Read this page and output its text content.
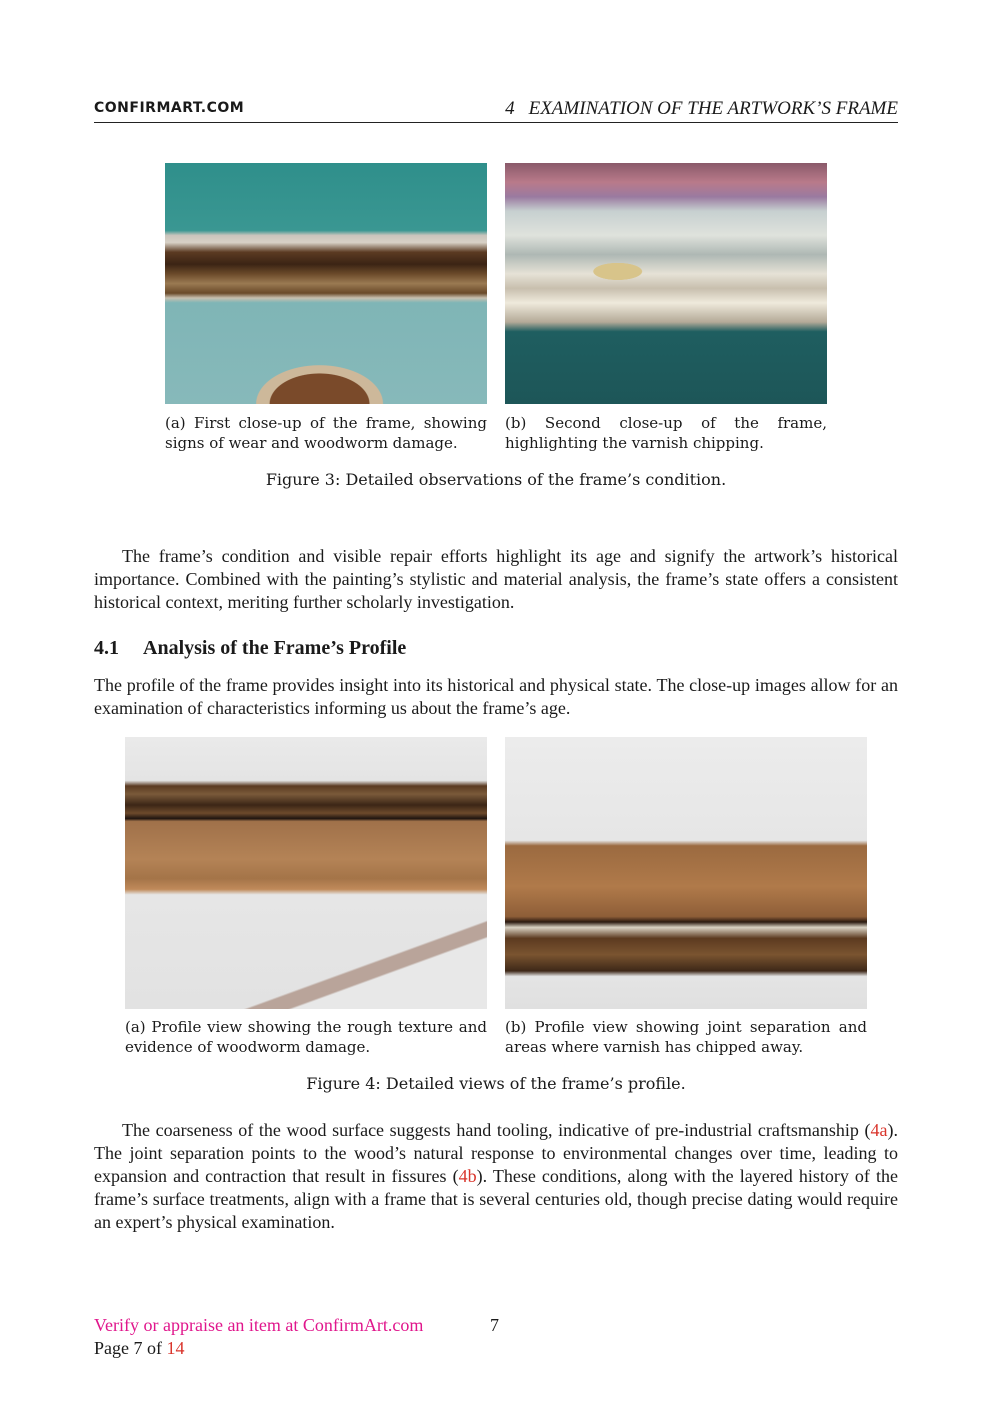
CONFIRMART.COM	4 EXAMINATION OF THE ARTWORK’S FRAME
(a) First close-up of the frame, showing signs of wear and woodworm damage.
(b) Second close-up of the frame, highlighting the varnish chipping.
Figure 3: Detailed observations of the frame’s condition.
The frame’s condition and visible repair efforts highlight its age and signify the artwork’s historical importance. Combined with the painting’s stylistic and material analysis, the frame’s state offers a consistent historical context, meriting further scholarly investigation.
4.1 Analysis of the Frame’s Profile
The profile of the frame provides insight into its historical and physical state. The close-up images allow for an examination of characteristics informing us about the frame’s age.
(a) Profile view showing the rough texture and evidence of woodworm damage.
(b) Profile view showing joint separation and areas where varnish has chipped away.
Figure 4: Detailed views of the frame’s profile.
The coarseness of the wood surface suggests hand tooling, indicative of pre-industrial craftsmanship (4a). The joint separation points to the wood’s natural response to environmental changes over time, leading to expansion and contraction that result in fissures (4b). These conditions, along with the layered history of the frame’s surface treatments, align with a frame that is several centuries old, though precise dating would require an expert’s physical examination.
Verify or appraise an item at ConfirmArt.com	7
Page 7 of 14
